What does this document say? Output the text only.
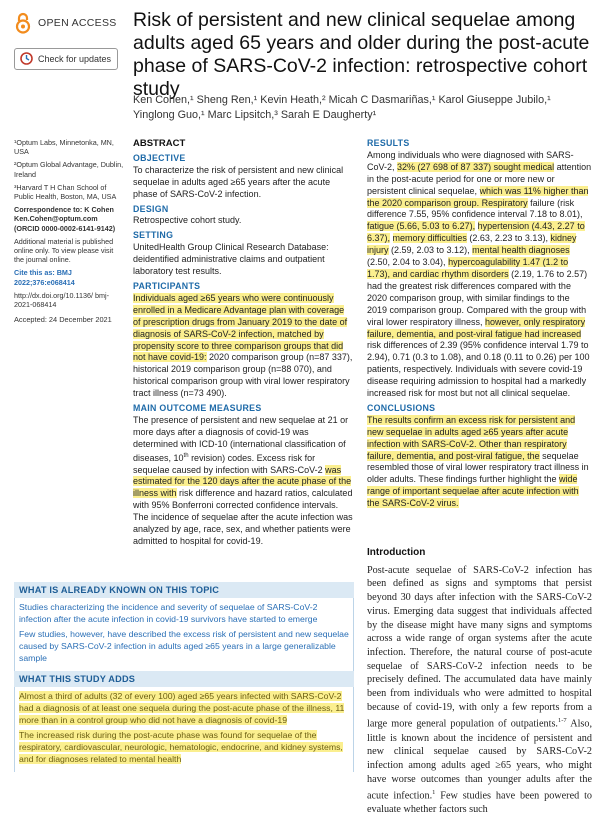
OPEN ACCESS
Check for updates
Risk of persistent and new clinical sequelae among adults aged 65 years and older during the post-acute phase of SARS-CoV-2 infection: retrospective cohort study
Ken Cohen,¹ Sheng Ren,¹ Kevin Heath,² Micah C Dasmariñas,¹ Karol Giuseppe Jubilo,¹ Yinglong Guo,¹ Marc Lipsitch,³ Sarah E Daugherty¹

¹Optum Labs, Minnetonka, MN, USA

²Optum Global Advantage, Dublin, Ireland

³Harvard T H Chan School of Public Health, Boston, MA, USA

Correspondence to: K Cohen Ken.Cohen@optum.com (ORCID 0000-0002-6141-9142)

Additional material is published online only. To view please visit the journal online.

Cite this as: BMJ 2022;376:e068414

http://dx.doi.org/10.1136/ bmj-2021-068414

Accepted: 24 December 2021

ABSTRACT
OBJECTIVE

To characterize the risk of persistent and new clinical sequelae in adults aged ≥65 years after the acute phase of SARS-CoV-2 infection.

DESIGN

Retrospective cohort study.

SETTING

UnitedHealth Group Clinical Research Database: deidentified administrative claims and outpatient laboratory test results.

PARTICIPANTS

Individuals aged ≥65 years who were continuously enrolled in a Medicare Advantage plan with coverage of prescription drugs from January 2019 to the date of diagnosis of SARS-CoV-2 infection, matched by propensity score to three comparison groups that did not have covid-19: 2020 comparison group (n=87 337), historical 2019 comparison group (n=88 070), and historical comparison group with viral lower respiratory tract illness (n=73 490).

MAIN OUTCOME MEASURES

The presence of persistent and new sequelae at 21 or more days after a diagnosis of covid-19 was determined with ICD-10 (international classification of diseases, 10th revision) codes. Excess risk for sequelae caused by infection with SARS-CoV-2 was estimated for the 120 days after the acute phase of the illness with risk difference and hazard ratios, calculated with 95% Bonferroni corrected confidence intervals. The incidence of sequelae after the acute infection was analyzed by age, race, sex, and whether patients were admitted to hospital for covid-19.

RESULTS

Among individuals who were diagnosed with SARS-CoV-2, 32% (27 698 of 87 337) sought medical attention in the post-acute period for one or more new or persistent clinical sequelae, which was 11% higher than the 2020 comparison group. Respiratory failure (risk difference 7.55, 95% confidence interval 7.18 to 8.01), fatigue (5.66, 5.03 to 6.27), hypertension (4.43, 2.27 to 6.37), memory difficulties (2.63, 2.23 to 3.13), kidney injury (2.59, 2.03 to 3.12), mental health diagnoses (2.50, 2.04 to 3.04), hypercoagulability 1.47 (1.2 to 1.73), and cardiac rhythm disorders (2.19, 1.76 to 2.57) had the greatest risk differences compared with the 2020 comparison group, with similar findings to the 2019 comparison group. Compared with the group with viral lower respiratory illness, however, only respiratory failure, dementia, and post-viral fatigue had increased risk differences of 2.39 (95% confidence interval 1.79 to 2.94), 0.71 (0.3 to 1.08), and 0.18 (0.11 to 0.26) per 100 patients, respectively. Individuals with severe covid-19 disease requiring admission to hospital had a markedly increased risk for most but not all clinical sequelae.

CONCLUSIONS

The results confirm an excess risk for persistent and new sequelae in adults aged ≥65 years after acute infection with SARS-CoV-2. Other than respiratory failure, dementia, and post-viral fatigue, the sequelae resembled those of viral lower respiratory tract illness in older adults. These findings further highlight the wide range of important sequelae after acute infection with the SARS-CoV-2 virus.

Introduction

Post-acute sequelae of SARS-CoV-2 infection has been defined as signs and symptoms that persist beyond 30 days after infection with the SARS-CoV-2 virus. Emerging data suggest that individuals affected by the disease might have many signs and symptoms across a wide range of organ systems after the acute infection. Therefore, the natural course of post-acute sequelae of SARS-CoV-2 infection needs to be precisely defined. The accumulated data have mainly been from individuals who were admitted to hospital because of covid-19, with only a few reports from a large more general population of outpatients.$^{1-7}$ Also, little is known about the incidence of persistent and new clinical sequelae caused by SARS-CoV-2 infection among adults aged ≥65 years, who might have worse outcomes than younger adults after the acute infection.$^1$ Few studies have been powered to evaluate whether factors such

WHAT IS ALREADY KNOWN ON THIS TOPIC

Studies characterizing the incidence and severity of sequelae of SARS-CoV-2 infection after the acute infection in covid-19 survivors have started to emerge

Few studies, however, have described the excess risk of persistent and new sequelae caused by SARS-CoV-2 infection in adults aged ≥65 years in a large generalizable sample

WHAT THIS STUDY ADDS

Almost a third of adults (32 of every 100) aged ≥65 years infected with SARS-CoV-2 had a diagnosis of at least one sequela during the post-acute phase of the illness, 11 more than in a control group who did not have a diagnosis of covid-19

The increased risk during the post-acute phase was found for sequelae of the respiratory, cardiovascular, neurologic, hematologic, endocrine, and kidney systems, and for diagnoses related to mental health
